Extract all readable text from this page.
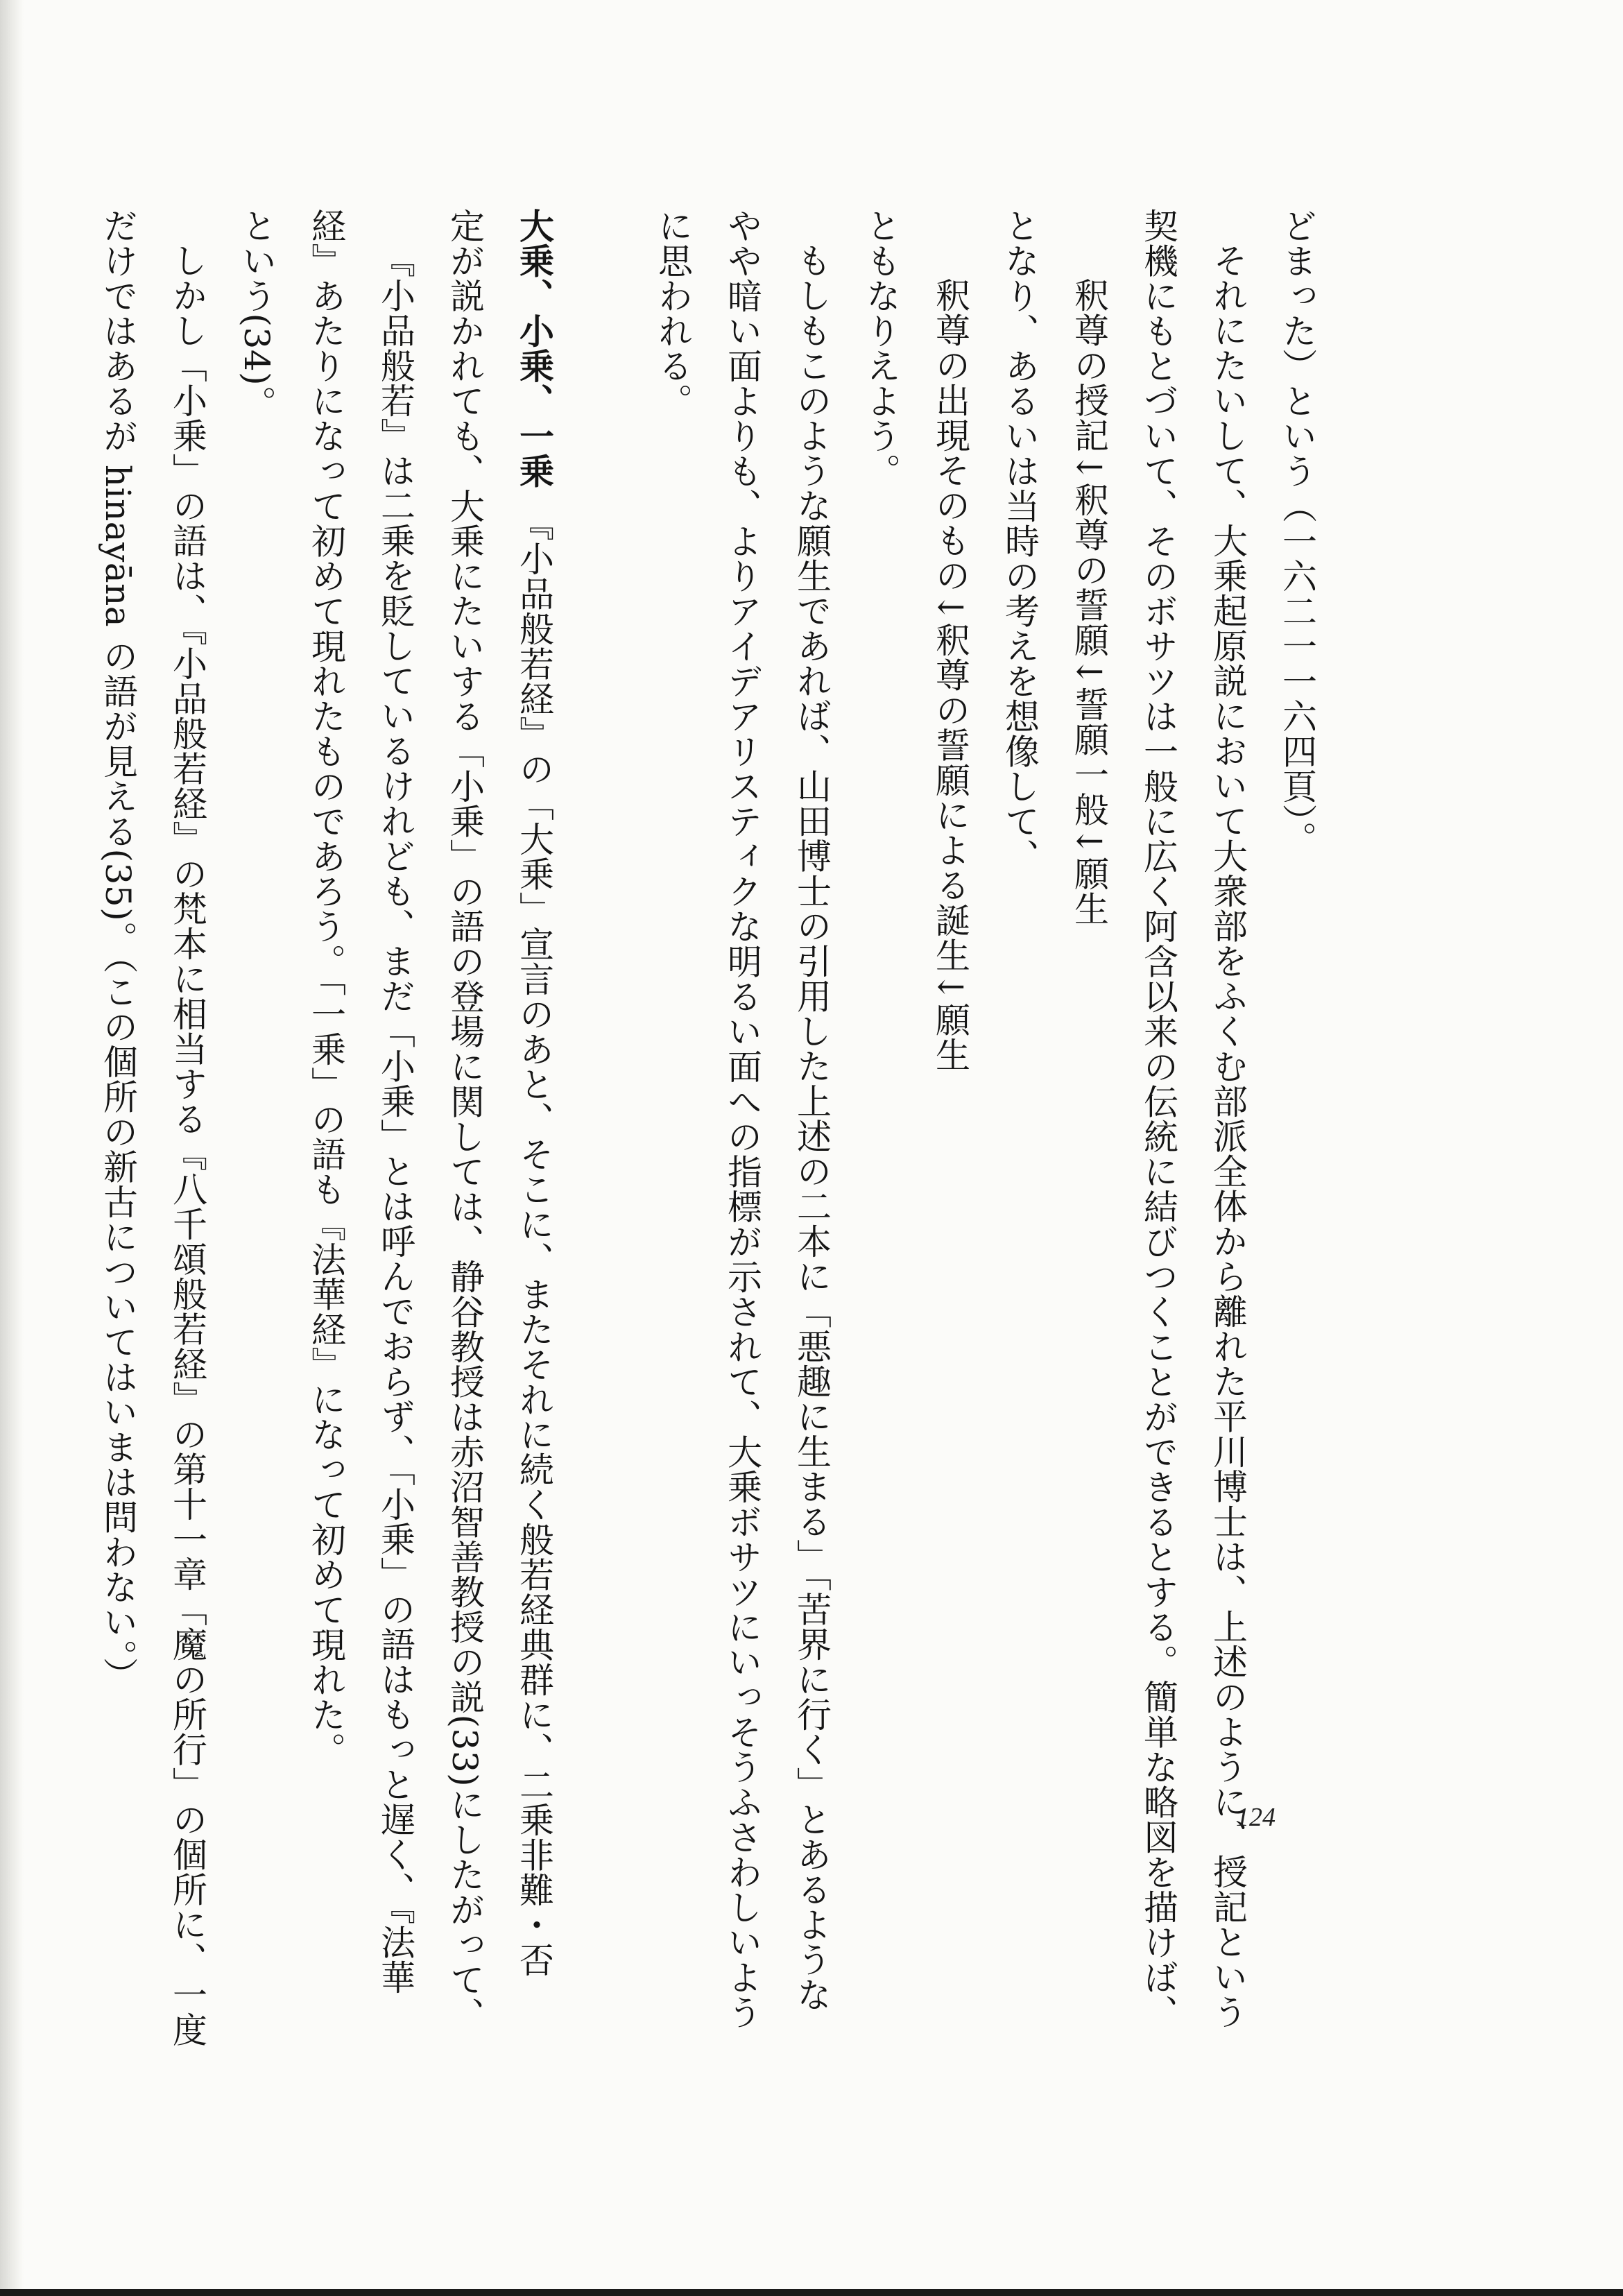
どまった）という（一六二一一六四頁）。

それにたいして、大乗起原説において大衆部をふくむ部派全体から離れた平川博士は、上述のように、授記という

契機にもとづいて、そのボサツは一般に広く阿含以来の伝統に結びつくことができるとする。簡単な略図を描けば、

釈尊の授記↓釈尊の誓願↓誓願一般↓願生

となり、あるいは当時の考えを想像して、

釈尊の出現そのもの↓釈尊の誓願による誕生↓願生

ともなりえよう。

もしもこのような願生であれば、山田博士の引用した上述の二本に「悪趣に生まる」「苦界に行く」とあるような

やや暗い面よりも、よりアイデアリスティクな明るい面への指標が示されて、大乗ボサツにいっそうふさわしいよう

に思われる。

大乗、小乗、一乗　『小品般若経』の「大乗」宣言のあと、そこに、またそれに続く般若経典群に、二乗非難・否

定が説かれても、大乗にたいする「小乗」の語の登場に関しては、静谷教授は赤沼智善教授の説(33)にしたがって、

『小品般若』は二乗を貶しているけれども、まだ「小乗」とは呼んでおらず、「小乗」の語はもっと遅く、『法華

経』あたりになって初めて現れたものであろう。「一乗」の語も『法華経』になって初めて現れた。

という(34)。

しかし「小乗」の語は、『小品般若経』の梵本に相当する『八千頌般若経』の第十一章「魔の所行」の個所に、一度

だけではあるが hinayāna の語が見える(35)。（この個所の新古についてはいまは問わない。）

124
